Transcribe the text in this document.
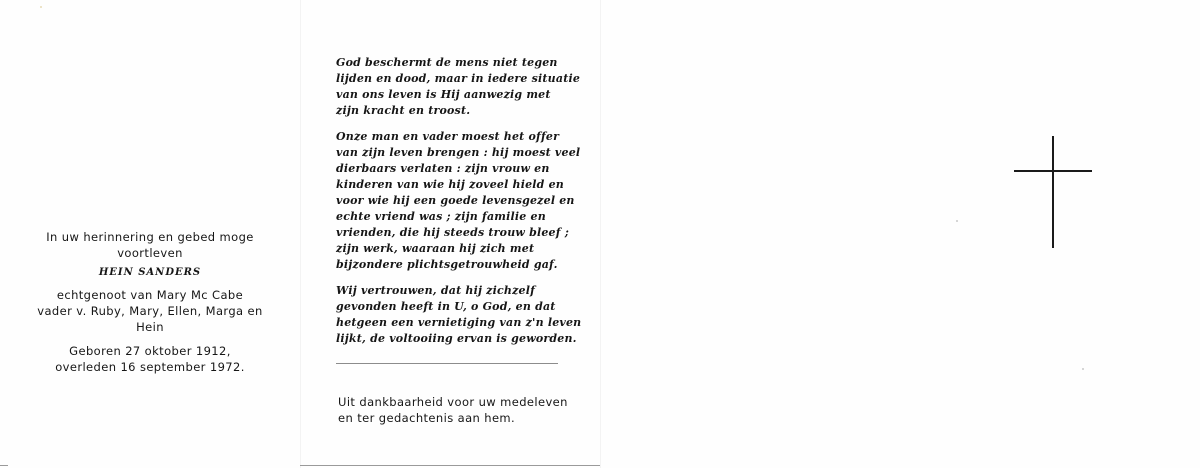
In uw herinnering en gebed moge
voortleven
HEIN SANDERS
echtgenoot van Mary Mc Cabe
vader v. Ruby, Mary, Ellen, Marga en Hein
Geboren 27 oktober 1912,
overleden 16 september 1972.
God beschermt de mens niet tegen
lijden en dood, maar in iedere situatie
van ons leven is Hij aanwezig met
zijn kracht en troost.
Onze man en vader moest het offer
van zijn leven brengen : hij moest veel
dierbaars verlaten : zijn vrouw en
kinderen van wie hij zoveel hield en
voor wie hij een goede levensgezel en
echte vriend was ; zijn familie en
vrienden, die hij steeds trouw bleef ;
zijn werk, waaraan hij zich met
bijzondere plichtsgetrouwheid gaf.
Wij vertrouwen, dat hij zichzelf
gevonden heeft in U, o God, en dat
hetgeen een vernietiging van z'n leven
lijkt, de voltooiing ervan is geworden.
Uit dankbaarheid voor uw medeleven
en ter gedachtenis aan hem.
